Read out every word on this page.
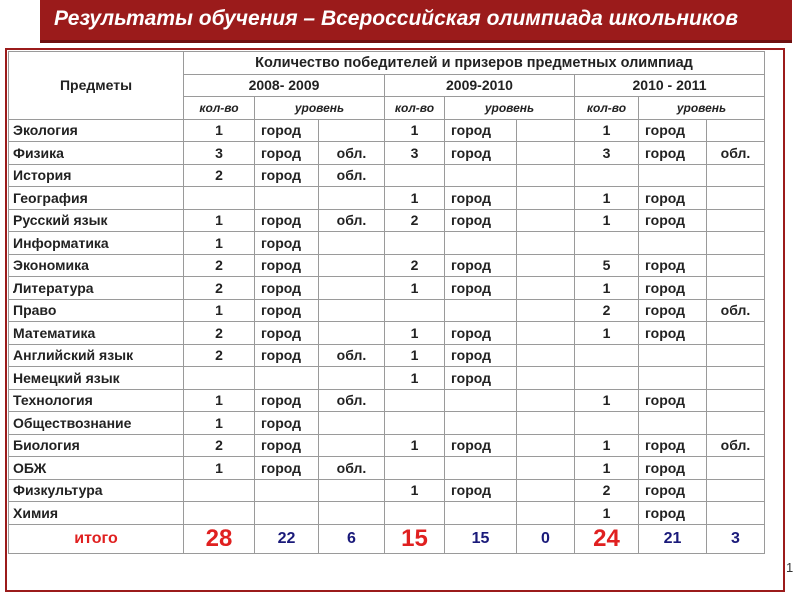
Результаты обучения – Всероссийская олимпиада школьников
Предметы	Количество победителей и призеров предметных олимпиад								
	2008- 2009			2009-2010			2010 - 2011		
	кол-во	уровень		кол-во	уровень		кол-во	уровень	
Экология	1	город		1	город		1	город	
Физика	3	город	обл.	3	город		3	город	обл.
История	2	город	обл.						
География				1	город		1	город	
Русский язык	1	город	обл.	2	город		1	город	
Информатика	1	город							
Экономика	2	город		2	город		5	город	
Литература	2	город		1	город		1	город	
Право	1	город					2	город	обл.
Математика	2	город		1	город		1	город	
Английский язык	2	город	обл.	1	город				
Немецкий язык				1	город				
Технология	1	город	обл.				1	город	
Обществознание	1	город							
Биология	2	город		1	город		1	город	обл.
ОБЖ	1	город	обл.				1	город	
Физкультура				1	город		2	город	
Химия							1	город	
итого	28	22	6	15	15	0	24	21	3
1
